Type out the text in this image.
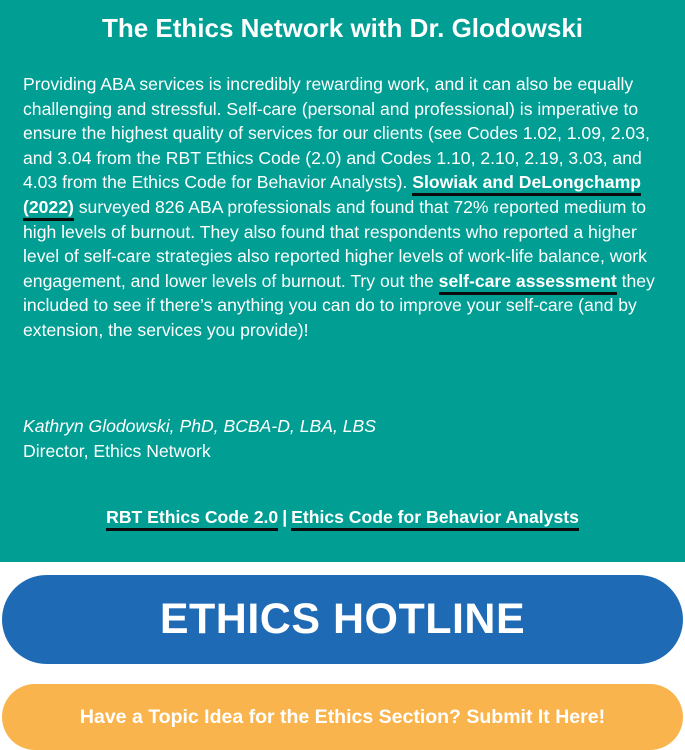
The Ethics Network with Dr. Glodowski

Providing ABA services is incredibly rewarding work, and it can also be equally challenging and stressful. Self-care (personal and professional) is imperative to ensure the highest quality of services for our clients (see Codes 1.02, 1.09, 2.03, and 3.04 from the RBT Ethics Code (2.0) and Codes 1.10, 2.10, 2.19, 3.03, and 4.03 from the Ethics Code for Behavior Analysts). Slowiak and DeLongchamp (2022) surveyed 826 ABA professionals and found that 72% reported medium to high levels of burnout. They also found that respondents who reported a higher level of self-care strategies also reported higher levels of work-life balance, work engagement, and lower levels of burnout. Try out the self-care assessment they included to see if there’s anything you can do to improve your self-care (and by extension, the services you provide)!

Kathryn Glodowski, PhD, BCBA-D, LBA, LBS
Director, Ethics Network

RBT Ethics Code 2.0 | Ethics Code for Behavior Analysts
ETHICS HOTLINE
Have a Topic Idea for the Ethics Section? Submit It Here!
